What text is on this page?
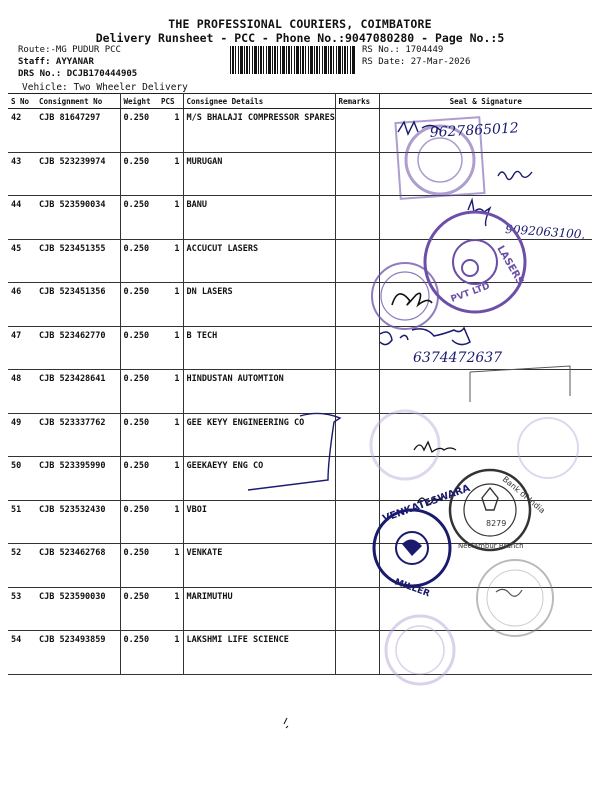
THE PROFESSIONAL COURIERS, COIMBATORE
Delivery Runsheet - PCC - Phone No.:9047080280 - Page No.:5
Route:-MG PUDUR PCC
Staff: AYYANAR
DRS No.: DCJB170444905
Vehicle: Two Wheeler Delivery
RS No.: 1704449
RS Date: 27-Mar-2026
S No	Consignment No	Weight	PCS	Consignee Details	Remarks	Seal & Signature
42	CJB 81647297	0.250	1	M/S BHALAJI COMPRESSOR SPARES		
43	CJB 523239974	0.250	1	MURUGAN		
44	CJB 523590034	0.250	1	BANU		
45	CJB 523451355	0.250	1	ACCUCUT LASERS		
46	CJB 523451356	0.250	1	DN LASERS		
47	CJB 523462770	0.250	1	B TECH		
48	CJB 523428641	0.250	1	HINDUSTAN AUTOMTION		
49	CJB 523337762	0.250	1	GEE KEYY ENGINEERING CO		
50	CJB 523395990	0.250	1	GEEKAEYY ENG CO		
51	CJB 523532430	0.250	1	VBOI		
52	CJB 523462768	0.250	1	VENKATE		
53	CJB 523590030	0.250	1	MARIMUTHU		
54	CJB 523493859	0.250	1	LAKSHMI LIFE SCIENCE		
9627865012
9092063100.
LASERS
PVT LTD
6374472637
Bank of India
8279
Neelambur Branch
VENKATESWARA
MILLER
